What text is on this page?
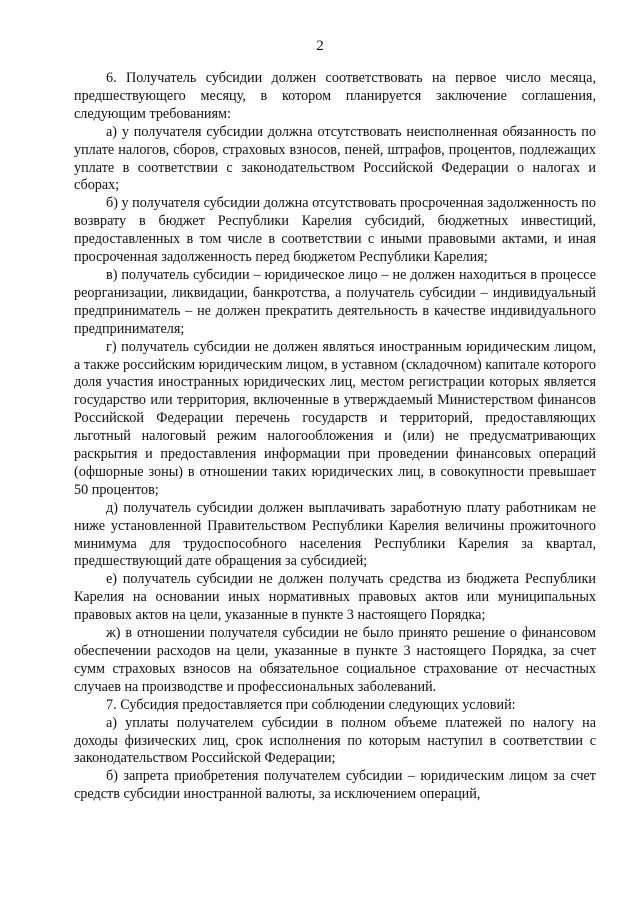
2

6. Получатель субсидии должен соответствовать на первое число месяца, предшествующего месяцу, в котором планируется заключение соглашения, следующим требованиям:

а) у получателя субсидии должна отсутствовать неисполненная обязанность по уплате налогов, сборов, страховых взносов, пеней, штрафов, процентов, подлежащих уплате в соответствии с законодательством Российской Федерации о налогах и сборах;

б) у получателя субсидии должна отсутствовать просроченная задолженность по возврату в бюджет Республики Карелия субсидий, бюджетных инвестиций, предоставленных в том числе в соответствии с иными правовыми актами, и иная просроченная задолженность перед бюджетом Республики Карелия;

в) получатель субсидии – юридическое лицо – не должен находиться в процессе реорганизации, ликвидации, банкротства, а получатель субсидии – индивидуальный предприниматель – не должен прекратить деятельность в качестве индивидуального предпринимателя;

г) получатель субсидии не должен являться иностранным юридическим лицом, а также российским юридическим лицом, в уставном (складочном) капитале которого доля участия иностранных юридических лиц, местом регистрации которых является государство или территория, включенные в утверждаемый Министерством финансов Российской Федерации перечень государств и территорий, предоставляющих льготный налоговый режим налогообложения и (или) не предусматривающих раскрытия и предоставления информации при проведении финансовых операций (офшорные зоны) в отношении таких юридических лиц, в совокупности превышает 50 процентов;

д) получатель субсидии должен выплачивать заработную плату работникам не ниже установленной Правительством Республики Карелия величины прожиточного минимума для трудоспособного населения Республики Карелия за квартал, предшествующий дате обращения за субсидией;

е) получатель субсидии не должен получать средства из бюджета Республики Карелия на основании иных нормативных правовых актов или муниципальных правовых актов на цели, указанные в пункте 3 настоящего Порядка;

ж) в отношении получателя субсидии не было принято решение о финансовом обеспечении расходов на цели, указанные в пункте 3 настоящего Порядка, за счет сумм страховых взносов на обязательное социальное страхование от несчастных случаев на производстве и профессиональных заболеваний.

7. Субсидия предоставляется при соблюдении следующих условий:

а) уплаты получателем субсидии в полном объеме платежей по налогу на доходы физических лиц, срок исполнения по которым наступил в соответствии с законодательством Российской Федерации;

б) запрета приобретения получателем субсидии – юридическим лицом за счет средств субсидии иностранной валюты, за исключением операций,
